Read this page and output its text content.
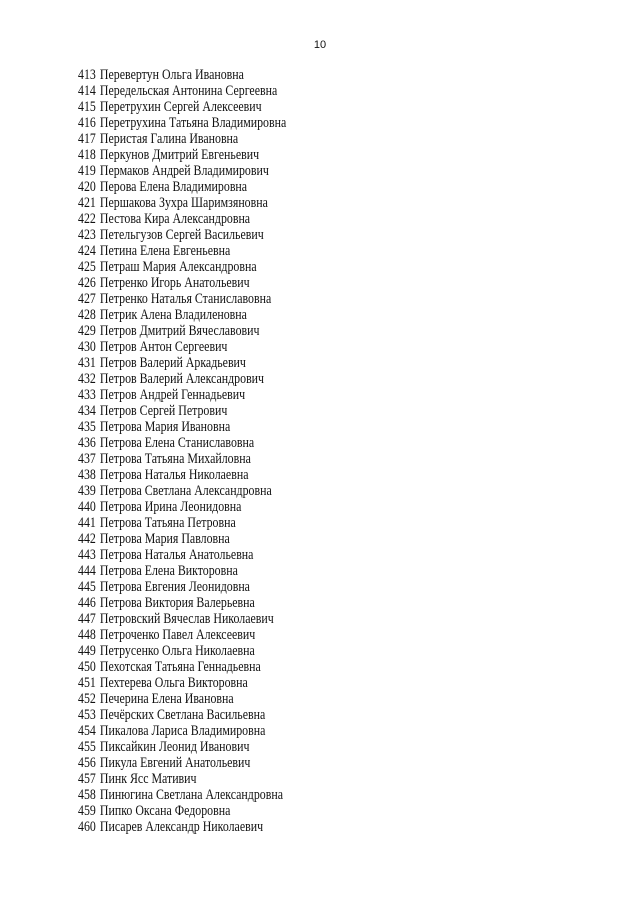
10
413 Перевертун Ольга Ивановна
414 Передельская Антонина Сергеевна
415 Перетрухин Сергей Алексеевич
416 Перетрухина Татьяна Владимировна
417 Перистая Галина Ивановна
418 Перкунов Дмитрий Евгеньевич
419 Пермаков Андрей Владимирович
420 Перова Елена Владимировна
421 Першакова Зухра Шаримзяновна
422 Пестова Кира Александровна
423 Петельгузов Сергей Васильевич
424 Петина Елена Евгеньевна
425 Петраш Мария Александровна
426 Петренко Игорь Анатольевич
427 Петренко Наталья Станиславовна
428 Петрик Алена Владиленовна
429 Петров Дмитрий Вячеславович
430 Петров Антон Сергеевич
431 Петров Валерий Аркадьевич
432 Петров Валерий Александрович
433 Петров Андрей Геннадьевич
434 Петров Сергей Петрович
435 Петрова Мария Ивановна
436 Петрова Елена Станиславовна
437 Петрова Татьяна Михайловна
438 Петрова Наталья Николаевна
439 Петрова Светлана Александровна
440 Петрова Ирина Леонидовна
441 Петрова Татьяна Петровна
442 Петрова Мария Павловна
443 Петрова Наталья Анатольевна
444 Петрова Елена Викторовна
445 Петрова Евгения Леонидовна
446 Петрова Виктория Валерьевна
447 Петровский Вячеслав Николаевич
448 Петроченко Павел Алексеевич
449 Петрусенко Ольга Николаевна
450 Пехотская Татьяна Геннадьевна
451 Пехтерева Ольга Викторовна
452 Печерина Елена Ивановна
453 Печёрских Светлана Васильевна
454 Пикалова Лариса Владимировна
455 Пиксайкин Леонид Иванович
456 Пикула Евгений Анатольевич
457 Пинк Ясс Мативич
458 Пинюгина Светлана Александровна
459 Пипко Оксана Федоровна
460 Писарев Александр Николаевич
